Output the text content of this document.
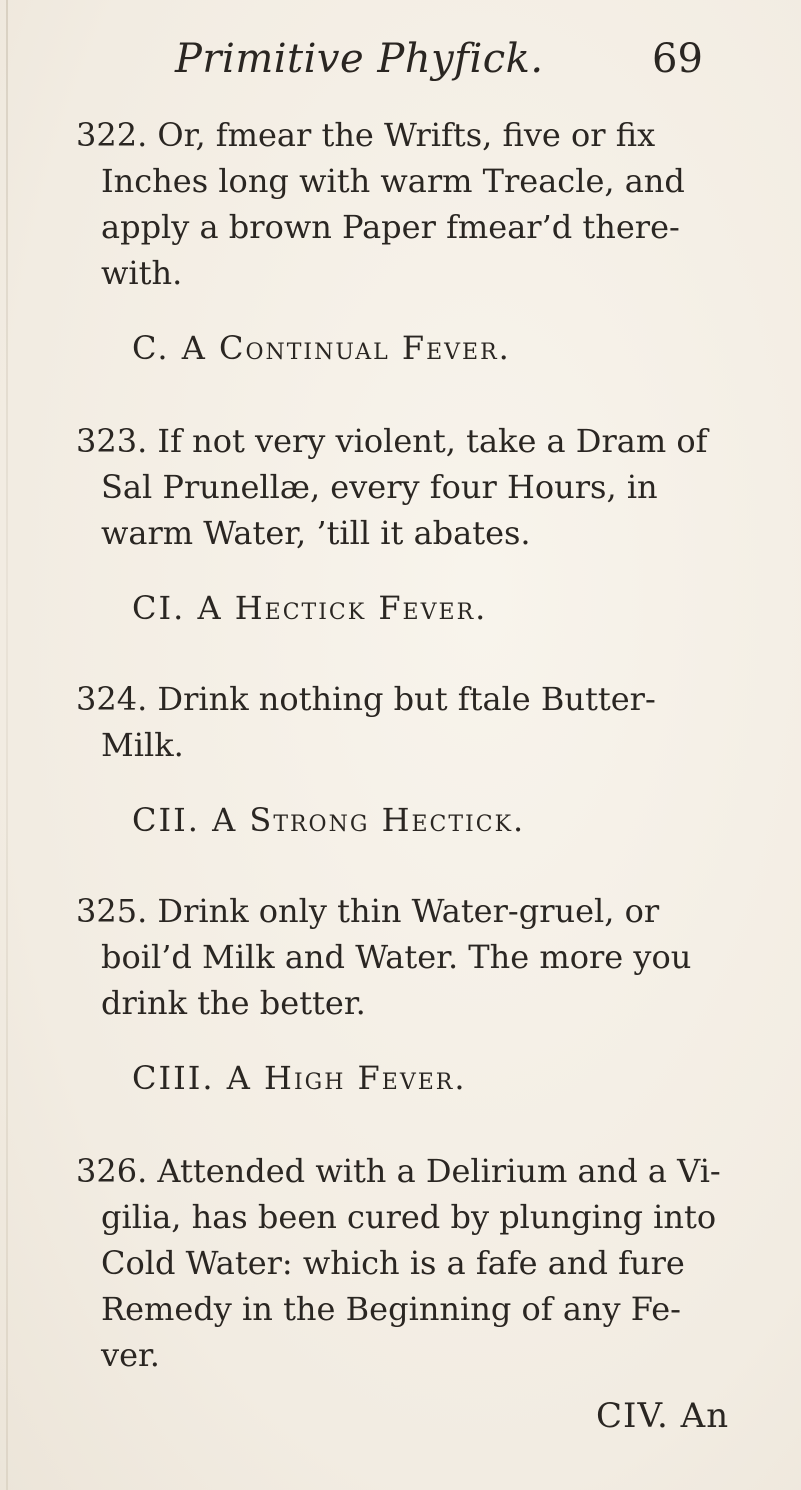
Primitive Phyfick.	69
322. Or, fmear the Wrifts, five or fix Inches long with warm Treacle, and apply a brown Paper fmear’d there-with.
C. A Continual Fever.
323. If not very violent, take a Dram of Sal Prunellæ, every four Hours, in warm Water, ’till it abates.
CI. A Hectick Fever.
324. Drink nothing but ftale Butter-Milk.
CII. A Strong Hectick.
325. Drink only thin Water-gruel, or boil’d Milk and Water. The more you drink the better.
CIII. A High Fever.
326. Attended with a Delirium and a Vi-gilia, has been cured by plunging into Cold Water: which is a fafe and fure Remedy in the Beginning of any Fe-ver.
CIV. An
